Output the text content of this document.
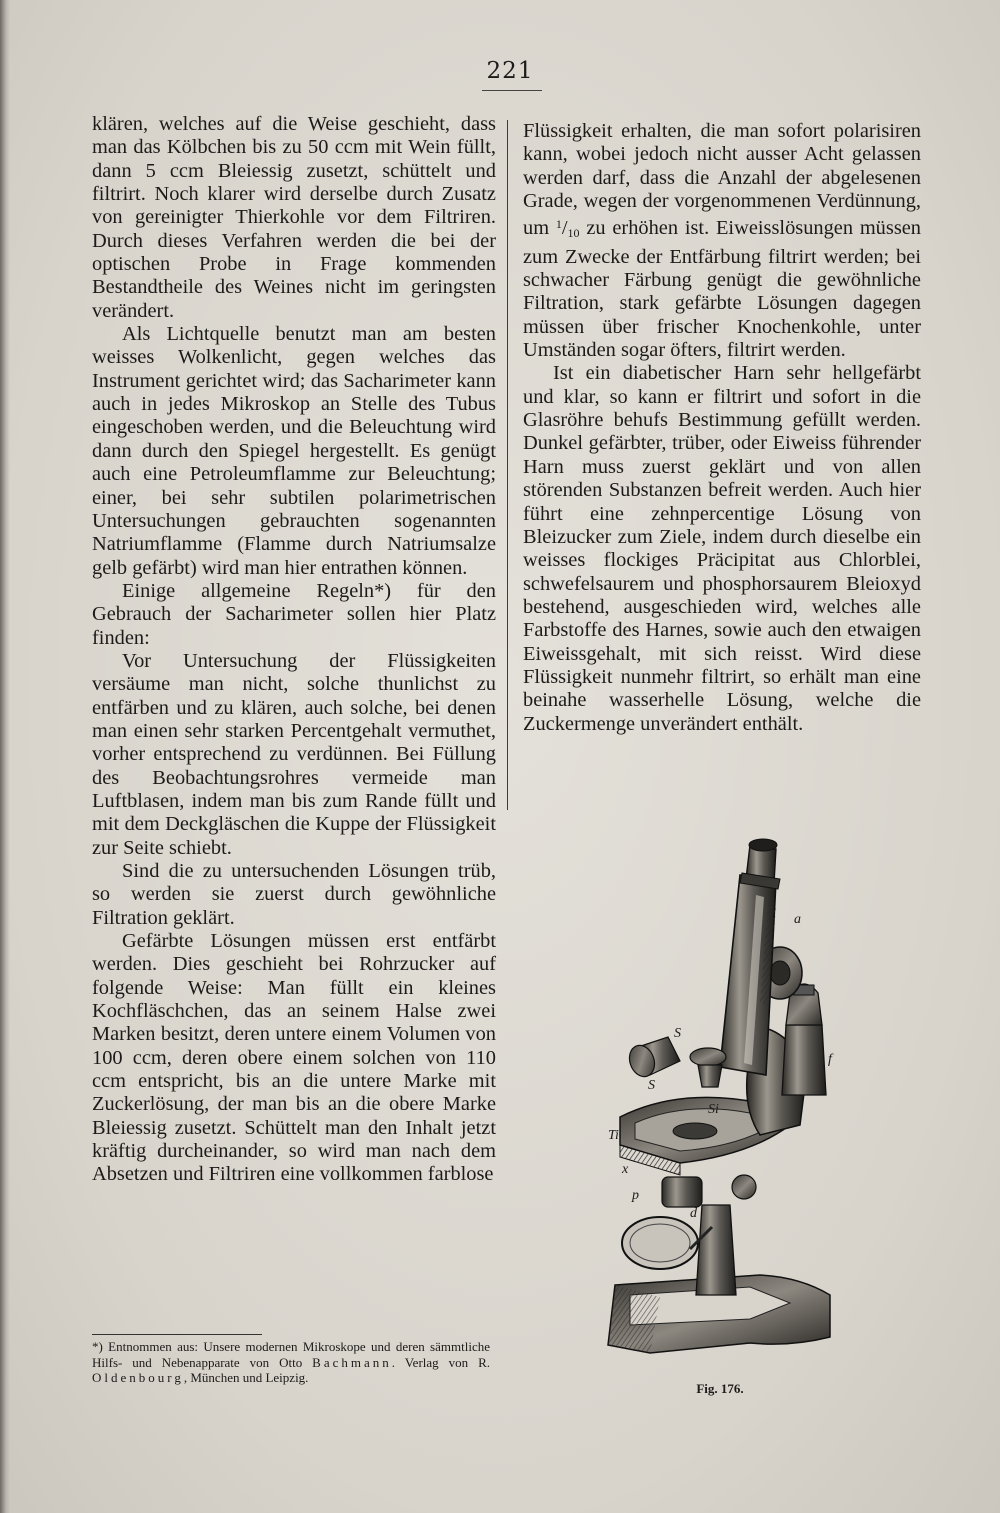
221

klären, welches auf die Weise geschieht, dass man das Kölbchen bis zu 50 ccm mit Wein füllt, dann 5 ccm Bleiessig zusetzt, schüttelt und filtrirt. Noch klarer wird derselbe durch Zusatz von gereinigter Thierkohle vor dem Filtriren. Durch dieses Verfahren werden die bei der optischen Probe in Frage kommenden Bestandtheile des Weines nicht im geringsten verändert.

Als Lichtquelle benutzt man am besten weisses Wolkenlicht, gegen welches das Instrument gerichtet wird; das Sacharimeter kann auch in jedes Mikroskop an Stelle des Tubus eingeschoben werden, und die Beleuchtung wird dann durch den Spiegel hergestellt. Es genügt auch eine Petroleumflamme zur Beleuchtung; einer, bei sehr subtilen polarimetrischen Untersuchungen gebrauchten sogenannten Natriumflamme (Flamme durch Natriumsalze gelb gefärbt) wird man hier entrathen können.

Einige allgemeine Regeln*) für den Gebrauch der Sacharimeter sollen hier Platz finden:

Vor Untersuchung der Flüssigkeiten versäume man nicht, solche thunlichst zu entfärben und zu klären, auch solche, bei denen man einen sehr starken Percentgehalt vermuthet, vorher entsprechend zu verdünnen. Bei Füllung des Beobachtungsrohres vermeide man Luftblasen, indem man bis zum Rande füllt und mit dem Deckgläschen die Kuppe der Flüssigkeit zur Seite schiebt.

Sind die zu untersuchenden Lösungen trüb, so werden sie zuerst durch gewöhnliche Filtration geklärt.

Gefärbte Lösungen müssen erst entfärbt werden. Dies geschieht bei Rohrzucker auf folgende Weise: Man füllt ein kleines Kochfläschchen, das an seinem Halse zwei Marken besitzt, deren untere einem Volumen von 100 ccm, deren obere einem solchen von 110 ccm entspricht, bis an die untere Marke mit Zuckerlösung, der man bis an die obere Marke Bleiessig zusetzt. Schüttelt man den Inhalt jetzt kräftig durcheinander, so wird man nach dem Absetzen und Filtriren eine vollkommen farblose

Flüssigkeit erhalten, die man sofort polarisiren kann, wobei jedoch nicht ausser Acht gelassen werden darf, dass die Anzahl der abgelesenen Grade, wegen der vorgenommenen Verdünnung, um $^1/_{10}$ zu erhöhen ist. Eiweisslösungen müssen zum Zwecke der Entfärbung filtrirt werden; bei schwacher Färbung genügt die gewöhnliche Filtration, stark gefärbte Lösungen dagegen müssen über frischer Knochenkohle, unter Umständen sogar öfters, filtrirt werden.

Ist ein diabetischer Harn sehr hellgefärbt und klar, so kann er filtrirt und sofort in die Glasröhre behufs Bestimmung gefüllt werden. Dunkel gefärbter, trüber, oder Eiweiss führender Harn muss zuerst geklärt und von allen störenden Substanzen befreit werden. Auch hier führt eine zehnpercentige Lösung von Bleizucker zum Ziele, indem durch dieselbe ein weisses flockiges Präcipitat aus Chlorblei, schwefelsaurem und phosphorsaurem Bleioxyd bestehend, ausgeschieden wird, welches alle Farbstoffe des Harnes, sowie auch den etwaigen Eiweissgehalt, mit sich reisst. Wird diese Flüssigkeit nunmehr filtrirt, so erhält man eine beinahe wasserhelle Lösung, welche die Zuckermenge unverändert enthält.

*) Entnommen aus: Unsere modernen Mikroskope und deren sämmtliche Hilfs- und Nebenapparate von Otto Bachmann. Verlag von R. Oldenbourg, München und Leipzig.
a
f
S
S
Si
Ti
x
p
d
Fig. 176.
